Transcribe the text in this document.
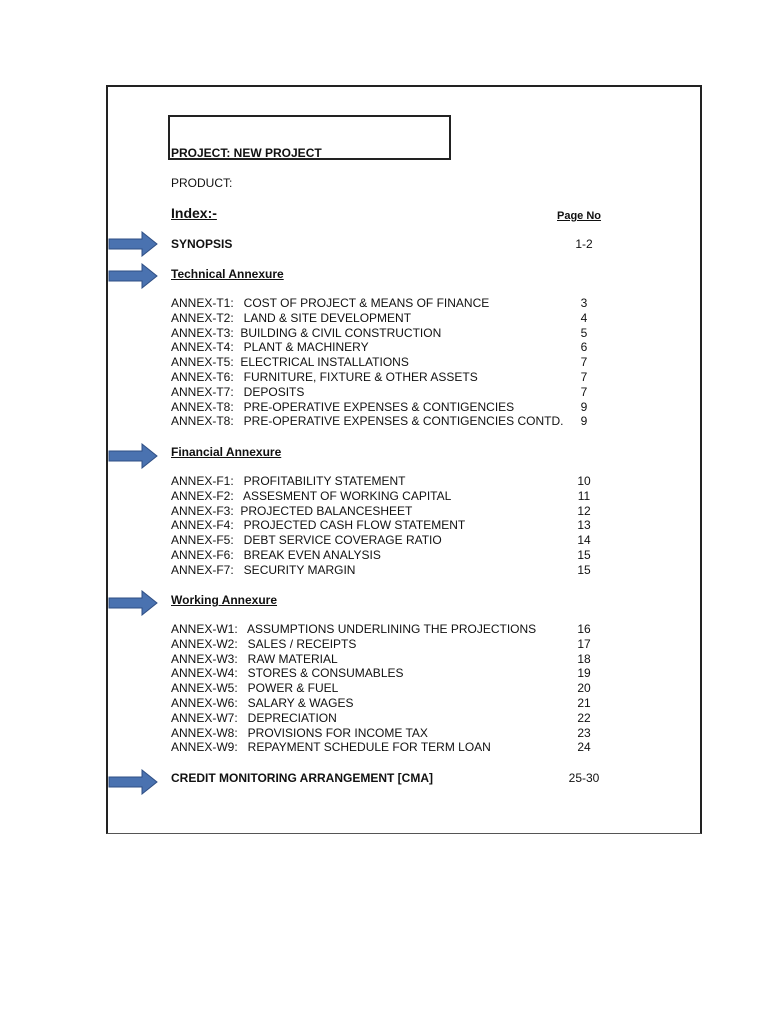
PROJECT: NEW PROJECT
PRODUCT:
Index:-	Page No
SYNOPSIS	1-2
Technical Annexure
ANNEX-T1:   COST OF PROJECT & MEANS OF FINANCE	3
ANNEX-T2:   LAND & SITE DEVELOPMENT	4
ANNEX-T3:  BUILDING & CIVIL CONSTRUCTION	5
ANNEX-T4:   PLANT & MACHINERY	6
ANNEX-T5:  ELECTRICAL INSTALLATIONS	7
ANNEX-T6:   FURNITURE, FIXTURE & OTHER ASSETS	7
ANNEX-T7:   DEPOSITS	7
ANNEX-T8:   PRE-OPERATIVE EXPENSES & CONTIGENCIES	9
ANNEX-T8:   PRE-OPERATIVE EXPENSES & CONTIGENCIES CONTD.	9
Financial Annexure
ANNEX-F1:   PROFITABILITY STATEMENT	10
ANNEX-F2:   ASSESMENT OF WORKING CAPITAL	11
ANNEX-F3:  PROJECTED BALANCESHEET	12
ANNEX-F4:   PROJECTED CASH FLOW STATEMENT	13
ANNEX-F5:   DEBT SERVICE COVERAGE RATIO	14
ANNEX-F6:   BREAK EVEN ANALYSIS	15
ANNEX-F7:   SECURITY MARGIN	15
Working Annexure
ANNEX-W1:   ASSUMPTIONS UNDERLINING THE PROJECTIONS	16
ANNEX-W2:   SALES / RECEIPTS	17
ANNEX-W3:   RAW MATERIAL	18
ANNEX-W4:   STORES & CONSUMABLES	19
ANNEX-W5:   POWER & FUEL	20
ANNEX-W6:   SALARY & WAGES	21
ANNEX-W7:   DEPRECIATION	22
ANNEX-W8:   PROVISIONS FOR INCOME TAX	23
ANNEX-W9:   REPAYMENT SCHEDULE FOR TERM LOAN	24
CREDIT MONITORING ARRANGEMENT [CMA]	25-30
